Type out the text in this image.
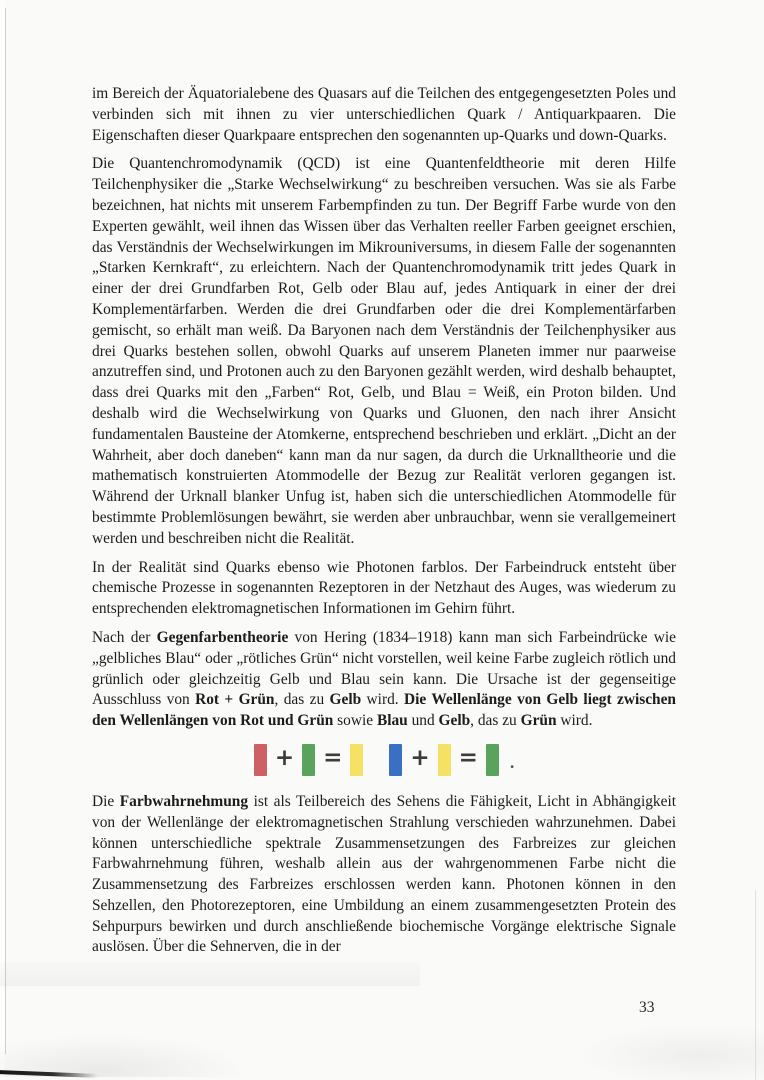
im Bereich der Äquatorialebene des Quasars auf die Teilchen des entgegengesetzten Poles und verbinden sich mit ihnen zu vier unterschiedlichen Quark / Antiquarkpaaren. Die Eigenschaften dieser Quarkpaare entsprechen den sogenannten up-Quarks und down-Quarks.

Die Quantenchromodynamik (QCD) ist eine Quantenfeldtheorie mit deren Hilfe Teilchenphysiker die „Starke Wechselwirkung“ zu beschreiben versuchen. Was sie als Farbe bezeichnen, hat nichts mit unserem Farbempfinden zu tun. Der Begriff Farbe wurde von den Experten gewählt, weil ihnen das Wissen über das Verhalten reeller Farben geeignet erschien, das Verständnis der Wechselwirkungen im Mikrouniversums, in diesem Falle der sogenannten „Starken Kernkraft“, zu erleichtern. Nach der Quantenchromodynamik tritt jedes Quark in einer der drei Grundfarben Rot, Gelb oder Blau auf, jedes Antiquark in einer der drei Komplementärfarben. Werden die drei Grundfarben oder die drei Komplementärfarben gemischt, so erhält man weiß. Da Baryonen nach dem Verständnis der Teilchenphysiker aus drei Quarks bestehen sollen, obwohl Quarks auf unserem Planeten immer nur paarweise anzutreffen sind, und Protonen auch zu den Baryonen gezählt werden, wird deshalb behauptet, dass drei Quarks mit den „Farben“ Rot, Gelb, und Blau = Weiß, ein Proton bilden. Und deshalb wird die Wechselwirkung von Quarks und Gluonen, den nach ihrer Ansicht fundamentalen Bausteine der Atomkerne, entsprechend beschrieben und erklärt. „Dicht an der Wahrheit, aber doch daneben“ kann man da nur sagen, da durch die Urknalltheorie und die mathematisch konstruierten Atommodelle der Bezug zur Realität verloren gegangen ist. Während der Urknall blanker Unfug ist, haben sich die unterschiedlichen Atommodelle für bestimmte Problemlösungen bewährt, sie werden aber unbrauchbar, wenn sie verallgemeinert werden und beschreiben nicht die Realität.

In der Realität sind Quarks ebenso wie Photonen farblos. Der Farbeindruck entsteht über chemische Prozesse in sogenannten Rezeptoren in der Netzhaut des Auges, was wiederum zu entsprechenden elektromagnetischen Informationen im Gehirn führt.

Nach der Gegenfarbentheorie von Hering (1834–1918) kann man sich Farbeindrücke wie „gelbliches Blau“ oder „rötliches Grün“ nicht vorstellen, weil keine Farbe zugleich rötlich und grünlich oder gleichzeitig Gelb und Blau sein kann. Die Ursache ist der gegenseitige Ausschluss von Rot + Grün, das zu Gelb wird. Die Wellenlänge von Gelb liegt zwischen den Wellenlängen von Rot und Grün sowie Blau und Gelb, das zu Grün wird.

+ =	+ = .

Die Farbwahrnehmung ist als Teilbereich des Sehens die Fähigkeit, Licht in Abhängigkeit von der Wellenlänge der elektromagnetischen Strahlung verschieden wahrzunehmen. Dabei können unterschiedliche spektrale Zusammensetzungen des Farbreizes zur gleichen Farbwahrnehmung führen, weshalb allein aus der wahrgenommenen Farbe nicht die Zusammensetzung des Farbreizes erschlossen werden kann. Photonen können in den Sehzellen, den Photorezeptoren, eine Umbildung an einem zusammengesetzten Protein des Sehpurpurs bewirken und durch anschließende biochemische Vorgänge elektrische Signale auslösen. Über die Sehnerven, die in der

33
